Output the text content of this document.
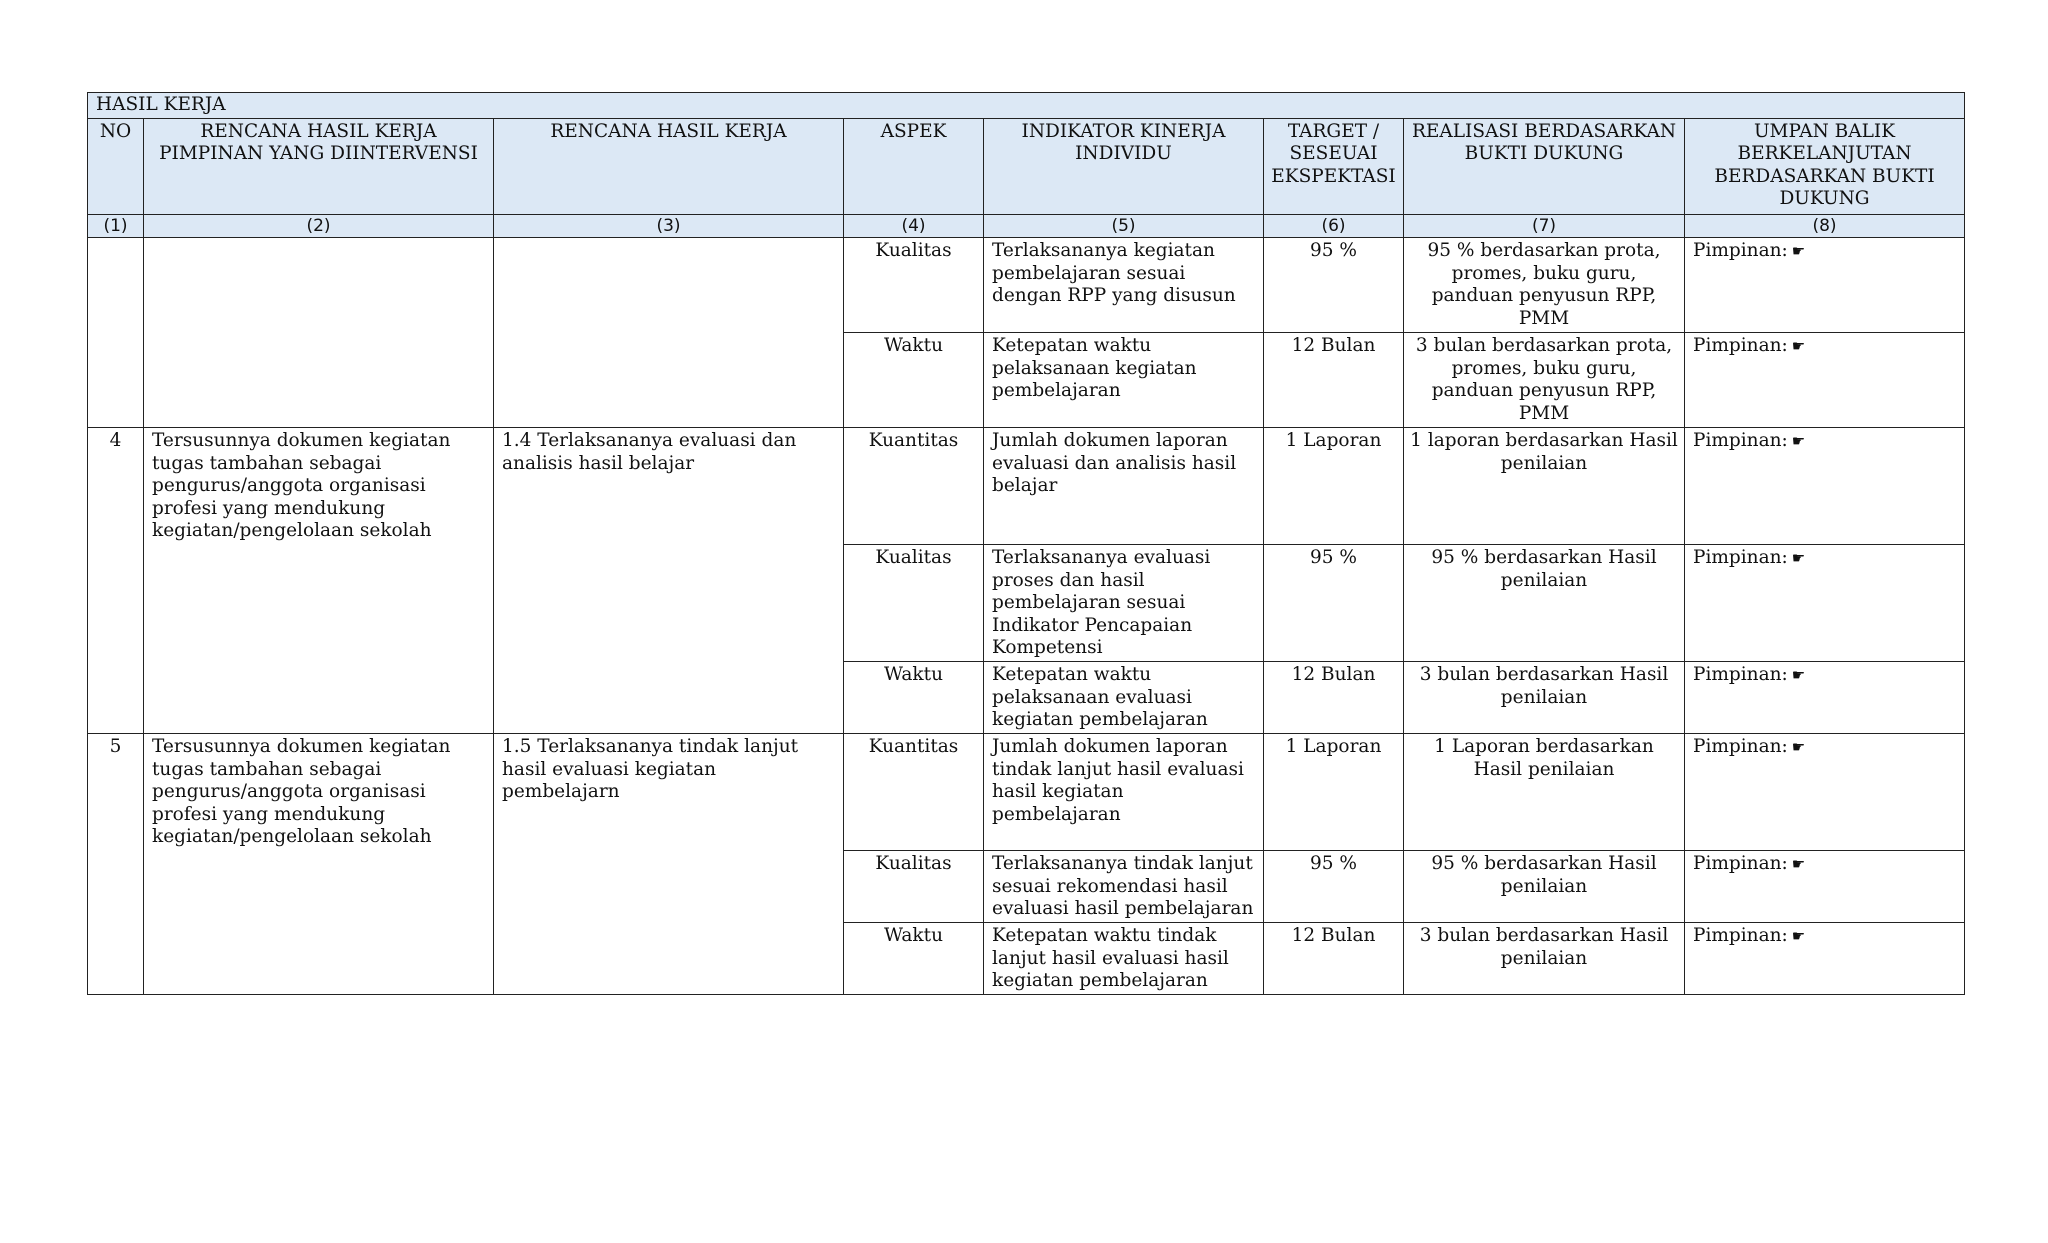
HASIL KERJA							
NO	RENCANA HASIL KERJA PIMPINAN YANG DIINTERVENSI	RENCANA HASIL KERJA	ASPEK	INDIKATOR KINERJA INDIVIDU	TARGET / SESEUAI EKSPEKTASI	REALISASI BERDASARKAN BUKTI DUKUNG	UMPAN BALIK BERKELANJUTAN BERDASARKAN BUKTI DUKUNG
(1)	(2)	(3)	(4)	(5)	(6)	(7)	(8)
			Kualitas	Terlaksananya kegiatan pembelajaran sesuai dengan RPP yang disusun	95 %	95 % berdasarkan prota, promes, buku guru, panduan penyusun RPP, PMM	Pimpinan: ☛
			Waktu	Ketepatan waktu pelaksanaan kegiatan pembelajaran	12 Bulan	3 bulan berdasarkan prota, promes, buku guru, panduan penyusun RPP, PMM	Pimpinan: ☛
4	Tersusunnya dokumen kegiatan tugas tambahan sebagai pengurus/anggota organisasi profesi yang mendukung kegiatan/pengelolaan sekolah	1.4 Terlaksananya evaluasi dan analisis hasil belajar	Kuantitas	Jumlah dokumen laporan evaluasi dan analisis hasil belajar	1 Laporan	1 laporan berdasarkan Hasil penilaian	Pimpinan: ☛
			Kualitas	Terlaksananya evaluasi proses dan hasil pembelajaran sesuai Indikator Pencapaian Kompetensi	95 %	95 % berdasarkan Hasil penilaian	Pimpinan: ☛
			Waktu	Ketepatan waktu pelaksanaan evaluasi kegiatan pembelajaran	12 Bulan	3 bulan berdasarkan Hasil penilaian	Pimpinan: ☛
5	Tersusunnya dokumen kegiatan tugas tambahan sebagai pengurus/anggota organisasi profesi yang mendukung kegiatan/pengelolaan sekolah	1.5 Terlaksananya tindak lanjut hasil evaluasi kegiatan pembelajarn	Kuantitas	Jumlah dokumen laporan tindak lanjut hasil evaluasi hasil kegiatan pembelajaran	1 Laporan	1 Laporan berdasarkan Hasil penilaian	Pimpinan: ☛
			Kualitas	Terlaksananya tindak lanjut sesuai rekomendasi hasil evaluasi hasil pembelajaran	95 %	95 % berdasarkan Hasil penilaian	Pimpinan: ☛
			Waktu	Ketepatan waktu tindak lanjut hasil evaluasi hasil kegiatan pembelajaran	12 Bulan	3 bulan berdasarkan Hasil penilaian	Pimpinan: ☛
